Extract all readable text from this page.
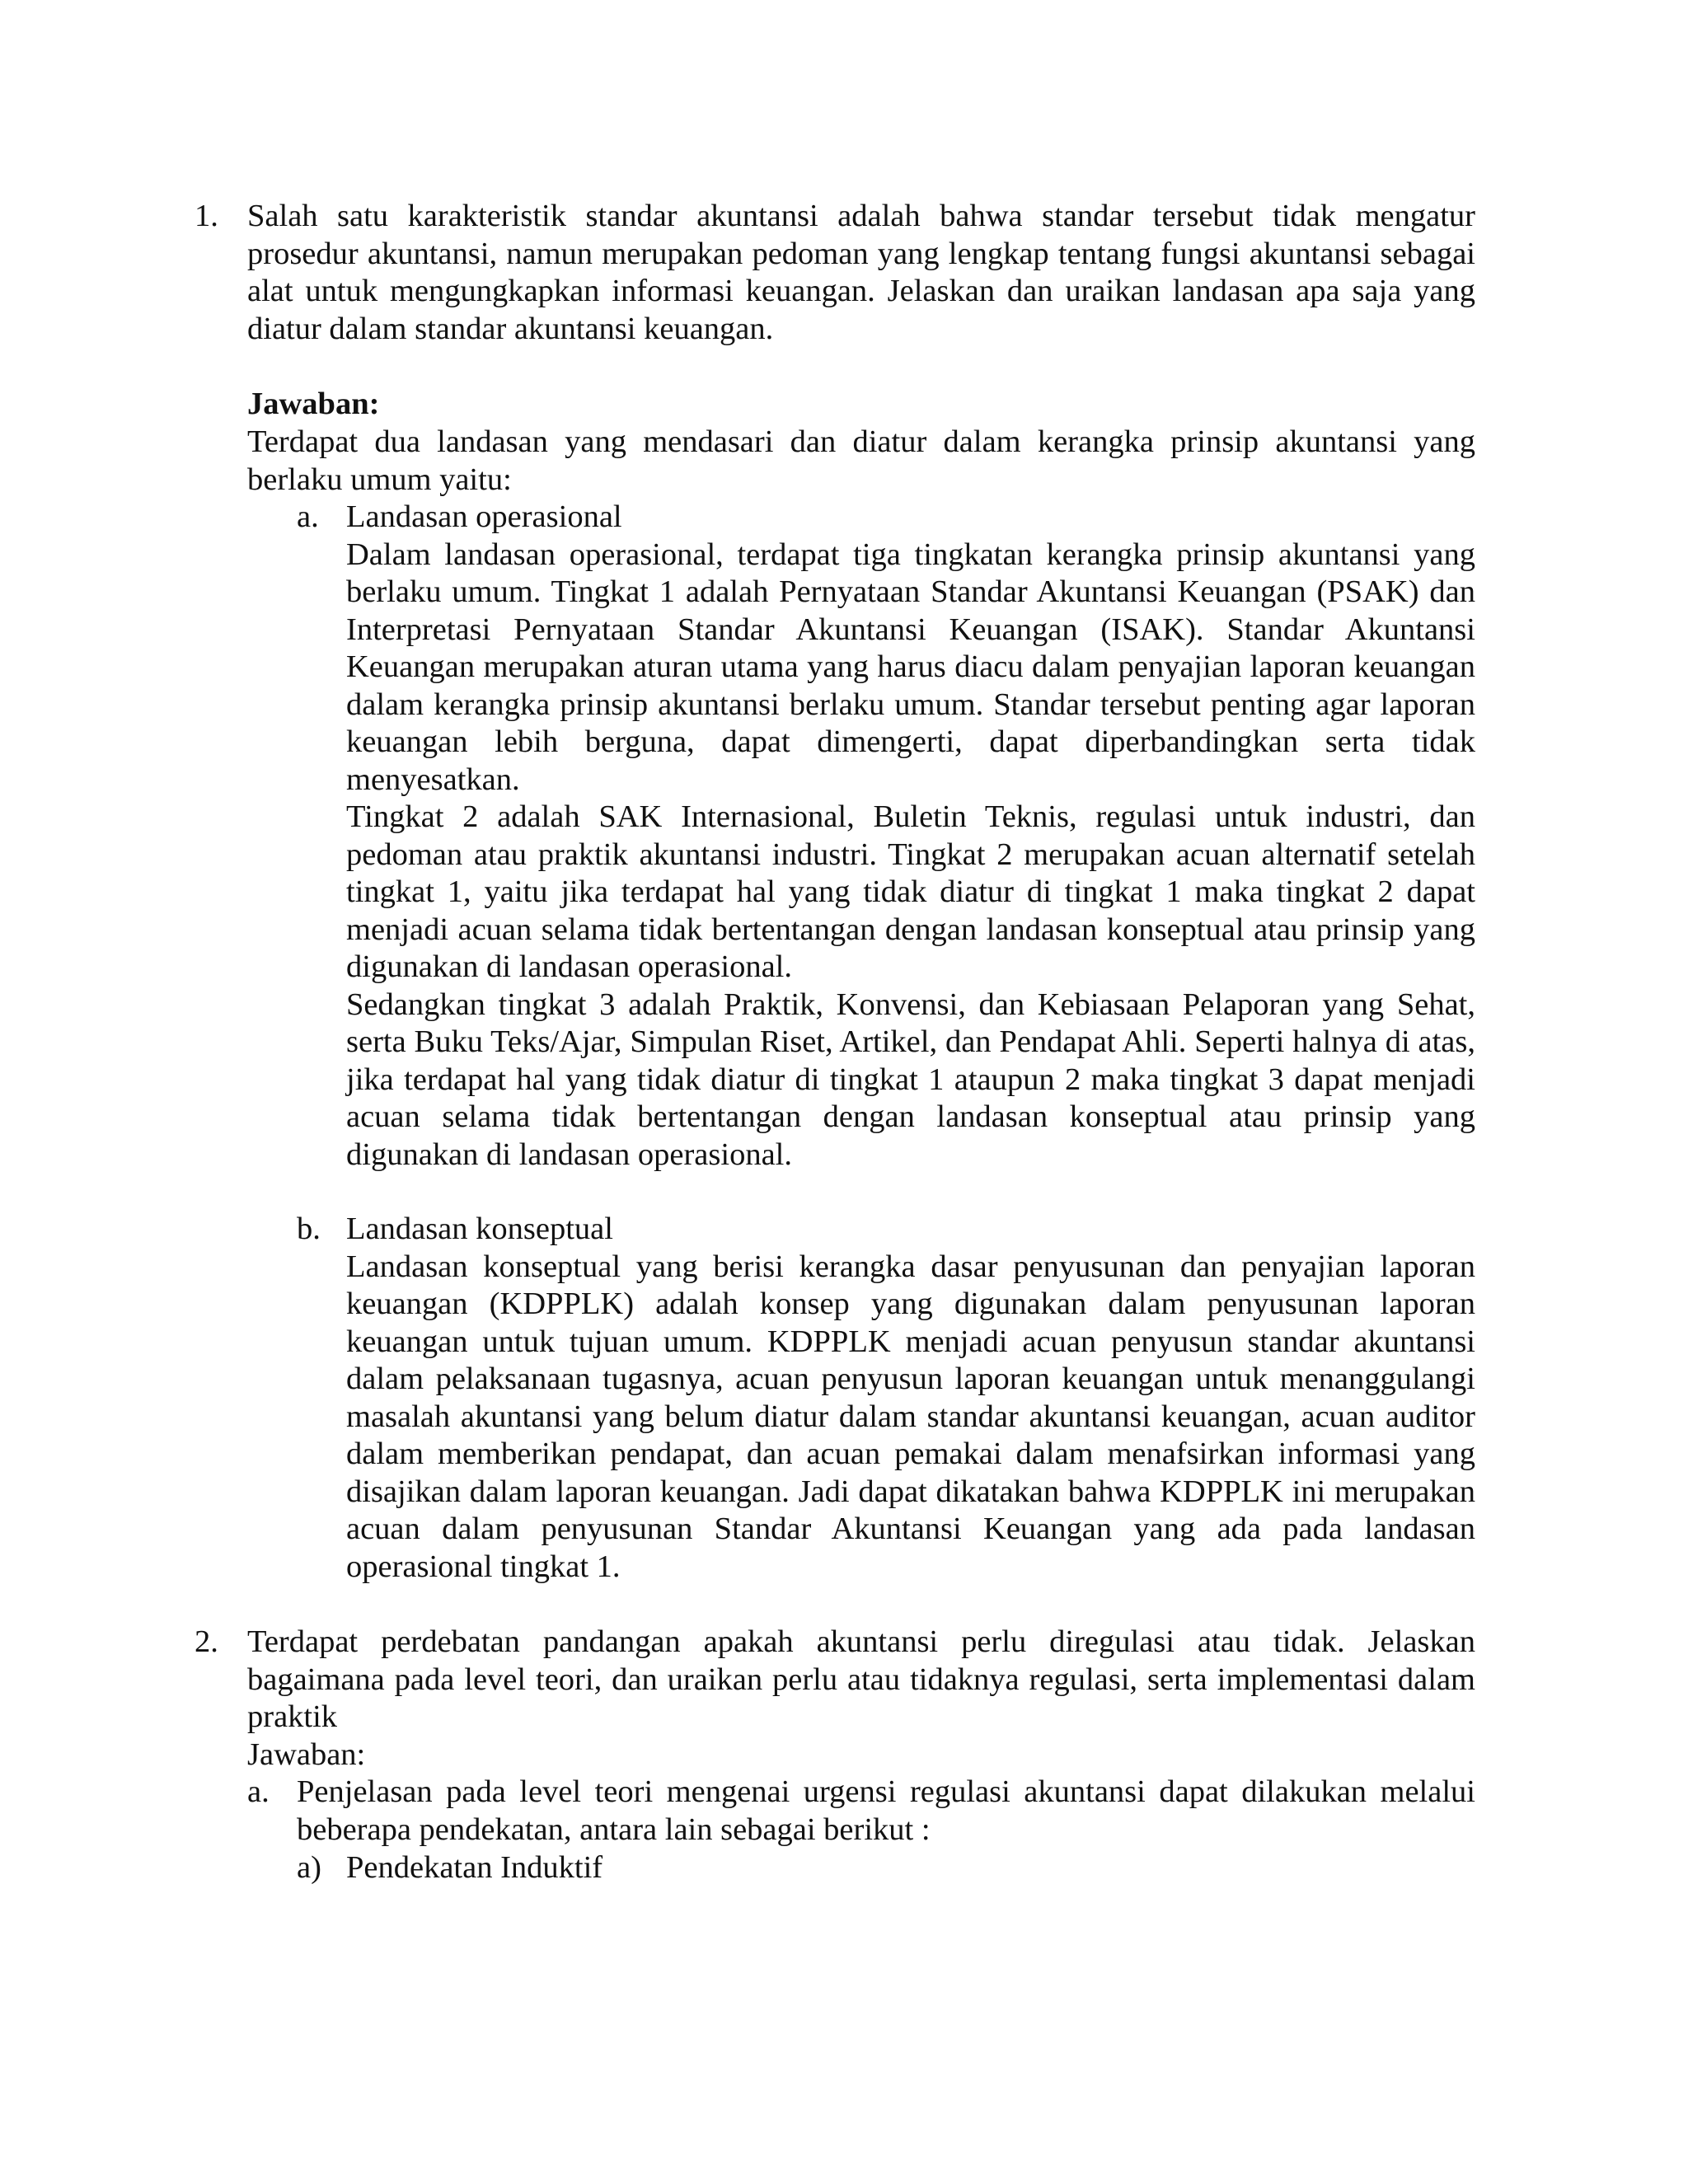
1. Salah satu karakteristik standar akuntansi adalah bahwa standar tersebut tidak mengatur prosedur akuntansi, namun merupakan pedoman yang lengkap tentang fungsi akuntansi sebagai alat untuk mengungkapkan informasi keuangan. Jelaskan dan uraikan landasan apa saja yang diatur dalam standar akuntansi keuangan.

Jawaban:

Terdapat dua landasan yang mendasari dan diatur dalam kerangka prinsip akuntansi yang berlaku umum yaitu:

a. Landasan operasional

Dalam landasan operasional, terdapat tiga tingkatan kerangka prinsip akuntansi yang berlaku umum. Tingkat 1 adalah Pernyataan Standar Akuntansi Keuangan (PSAK) dan Interpretasi Pernyataan Standar Akuntansi Keuangan (ISAK). Standar Akuntansi Keuangan merupakan aturan utama yang harus diacu dalam penyajian laporan keuangan dalam kerangka prinsip akuntansi berlaku umum. Standar tersebut penting agar laporan keuangan lebih berguna, dapat dimengerti, dapat diperbandingkan serta tidak menyesatkan.

Tingkat 2 adalah SAK Internasional, Buletin Teknis, regulasi untuk industri, dan pedoman atau praktik akuntansi industri. Tingkat 2 merupakan acuan alternatif setelah tingkat 1, yaitu jika terdapat hal yang tidak diatur di tingkat 1 maka tingkat 2 dapat menjadi acuan selama tidak bertentangan dengan landasan konseptual atau prinsip yang digunakan di landasan operasional.

Sedangkan tingkat 3 adalah Praktik, Konvensi, dan Kebiasaan Pelaporan yang Sehat, serta Buku Teks/Ajar, Simpulan Riset, Artikel, dan Pendapat Ahli. Seperti halnya di atas, jika terdapat hal yang tidak diatur di tingkat 1 ataupun 2 maka tingkat 3 dapat menjadi acuan selama tidak bertentangan dengan landasan konseptual atau prinsip yang digunakan di landasan operasional.

b. Landasan konseptual

Landasan konseptual yang berisi kerangka dasar penyusunan dan penyajian laporan keuangan (KDPPLK) adalah konsep yang digunakan dalam penyusunan laporan keuangan untuk tujuan umum. KDPPLK menjadi acuan penyusun standar akuntansi dalam pelaksanaan tugasnya, acuan penyusun laporan keuangan untuk menanggulangi masalah akuntansi yang belum diatur dalam standar akuntansi keuangan, acuan auditor dalam memberikan pendapat, dan acuan pemakai dalam menafsirkan informasi yang disajikan dalam laporan keuangan. Jadi dapat dikatakan bahwa KDPPLK ini merupakan acuan dalam penyusunan Standar Akuntansi Keuangan yang ada pada landasan operasional tingkat 1.

2. Terdapat perdebatan pandangan apakah akuntansi perlu diregulasi atau tidak. Jelaskan bagaimana pada level teori, dan uraikan perlu atau tidaknya regulasi, serta implementasi dalam praktik

Jawaban:

a. Penjelasan pada level teori mengenai urgensi regulasi akuntansi dapat dilakukan melalui beberapa pendekatan, antara lain sebagai berikut :

a) Pendekatan Induktif
